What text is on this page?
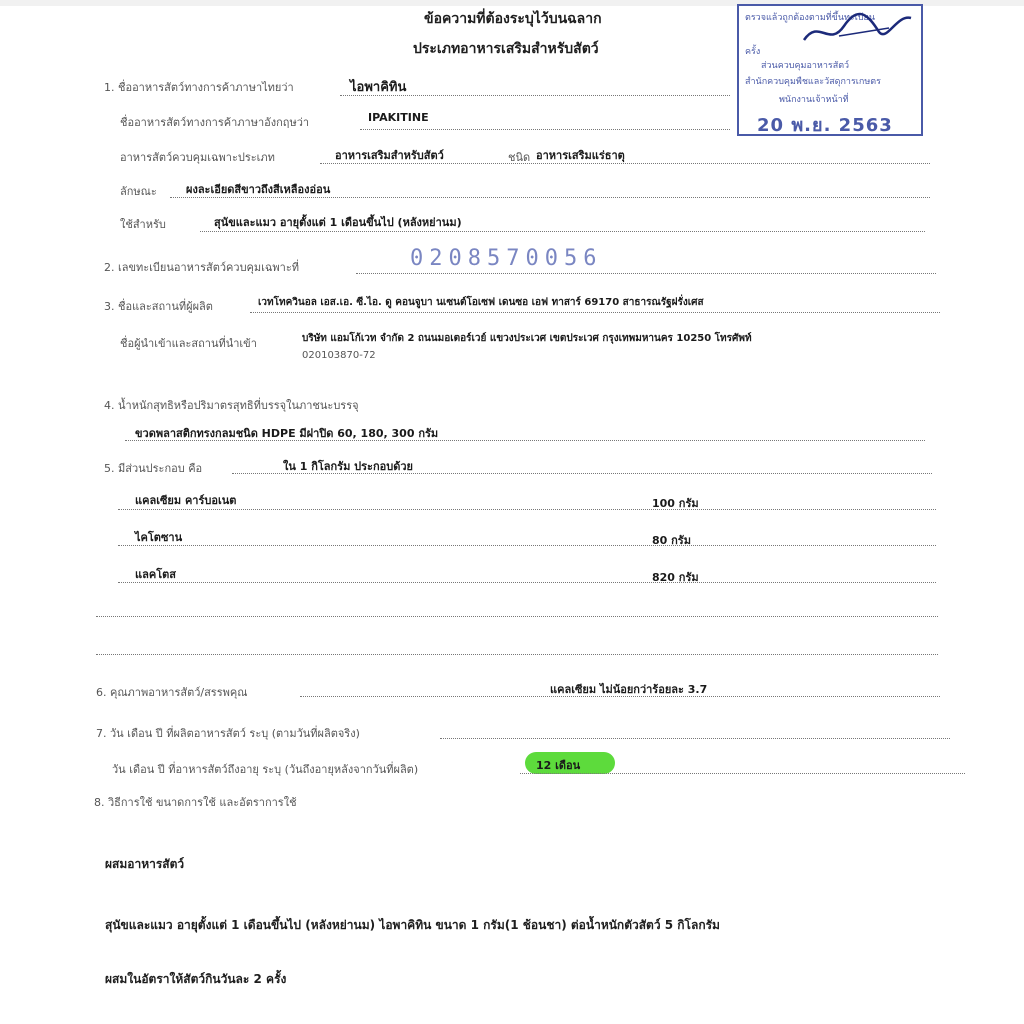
ข้อความที่ต้องระบุไว้บนฉลาก
ประเภทอาหารเสริมสำหรับสัตว์
ตรวจแล้วถูกต้องตามที่ขึ้นทะเบียน
ครั้ง
ส่วนควบคุมอาหารสัตว์
สำนักควบคุมพืชและวัสดุการเกษตร
พนักงานเจ้าหน้าที่
20 พ.ย. 2563
1. ชื่ออาหารสัตว์ทางการค้าภาษาไทยว่า	ไอพาคิทิน
ชื่ออาหารสัตว์ทางการค้าภาษาอังกฤษว่า	IPAKITINE
อาหารสัตว์ควบคุมเฉพาะประเภท	อาหารเสริมสำหรับสัตว์	ชนิด อาหารเสริมแร่ธาตุ
ลักษณะ	ผงละเอียดสีขาวถึงสีเหลืองอ่อน
ใช้สำหรับ	สุนัขและแมว อายุตั้งแต่ 1 เดือนขึ้นไป (หลังหย่านม)
2. เลขทะเบียนอาหารสัตว์ควบคุมเฉพาะที่	0208570056
3. ชื่อและสถานที่ผู้ผลิต	เวทโทควินอล เอส.เอ. ซี.ไอ. ดู คอนจูบา นเซนต์โอเซฟ เดนซอ เอฟ ทาสาร์ 69170 สาธารณรัฐฝรั่งเศส
ชื่อผู้นำเข้าและสถานที่นำเข้า	บริษัท แอมโก้เวท จำกัด 2 ถนนมอเตอร์เวย์ แขวงประเวศ เขตประเวศ กรุงเทพมหานคร 10250 โทรศัพท์
020103870-72
4. น้ำหนักสุทธิหรือปริมาตรสุทธิที่บรรจุในภาชนะบรรจุ
ขวดพลาสติกทรงกลมชนิด HDPE มีฝาปิด 60, 180, 300 กรัม
5. มีส่วนประกอบ คือ	ใน 1 กิโลกรัม ประกอบด้วย
แคลเซียม คาร์บอเนต	100 กรัม
ไคโตซาน	80 กรัม
แลคโตส	820 กรัม
6. คุณภาพอาหารสัตว์/สรรพคุณ	แคลเซียม ไม่น้อยกว่าร้อยละ 3.7
7. วัน เดือน ปี ที่ผลิตอาหารสัตว์ ระบุ (ตามวันที่ผลิตจริง)
วัน เดือน ปี ที่อาหารสัตว์ถึงอายุ ระบุ (วันถึงอายุหลังจากวันที่ผลิต)	12 เดือน
8. วิธีการใช้ ขนาดการใช้ และอัตราการใช้
ผสมอาหารสัตว์
สุนัขและแมว อายุตั้งแต่ 1 เดือนขึ้นไป (หลังหย่านม) ไอพาคิทิน ขนาด 1 กรัม(1 ช้อนชา) ต่อน้ำหนักตัวสัตว์ 5 กิโลกรัม
ผสมในอัตราให้สัตว์กินวันละ 2 ครั้ง
